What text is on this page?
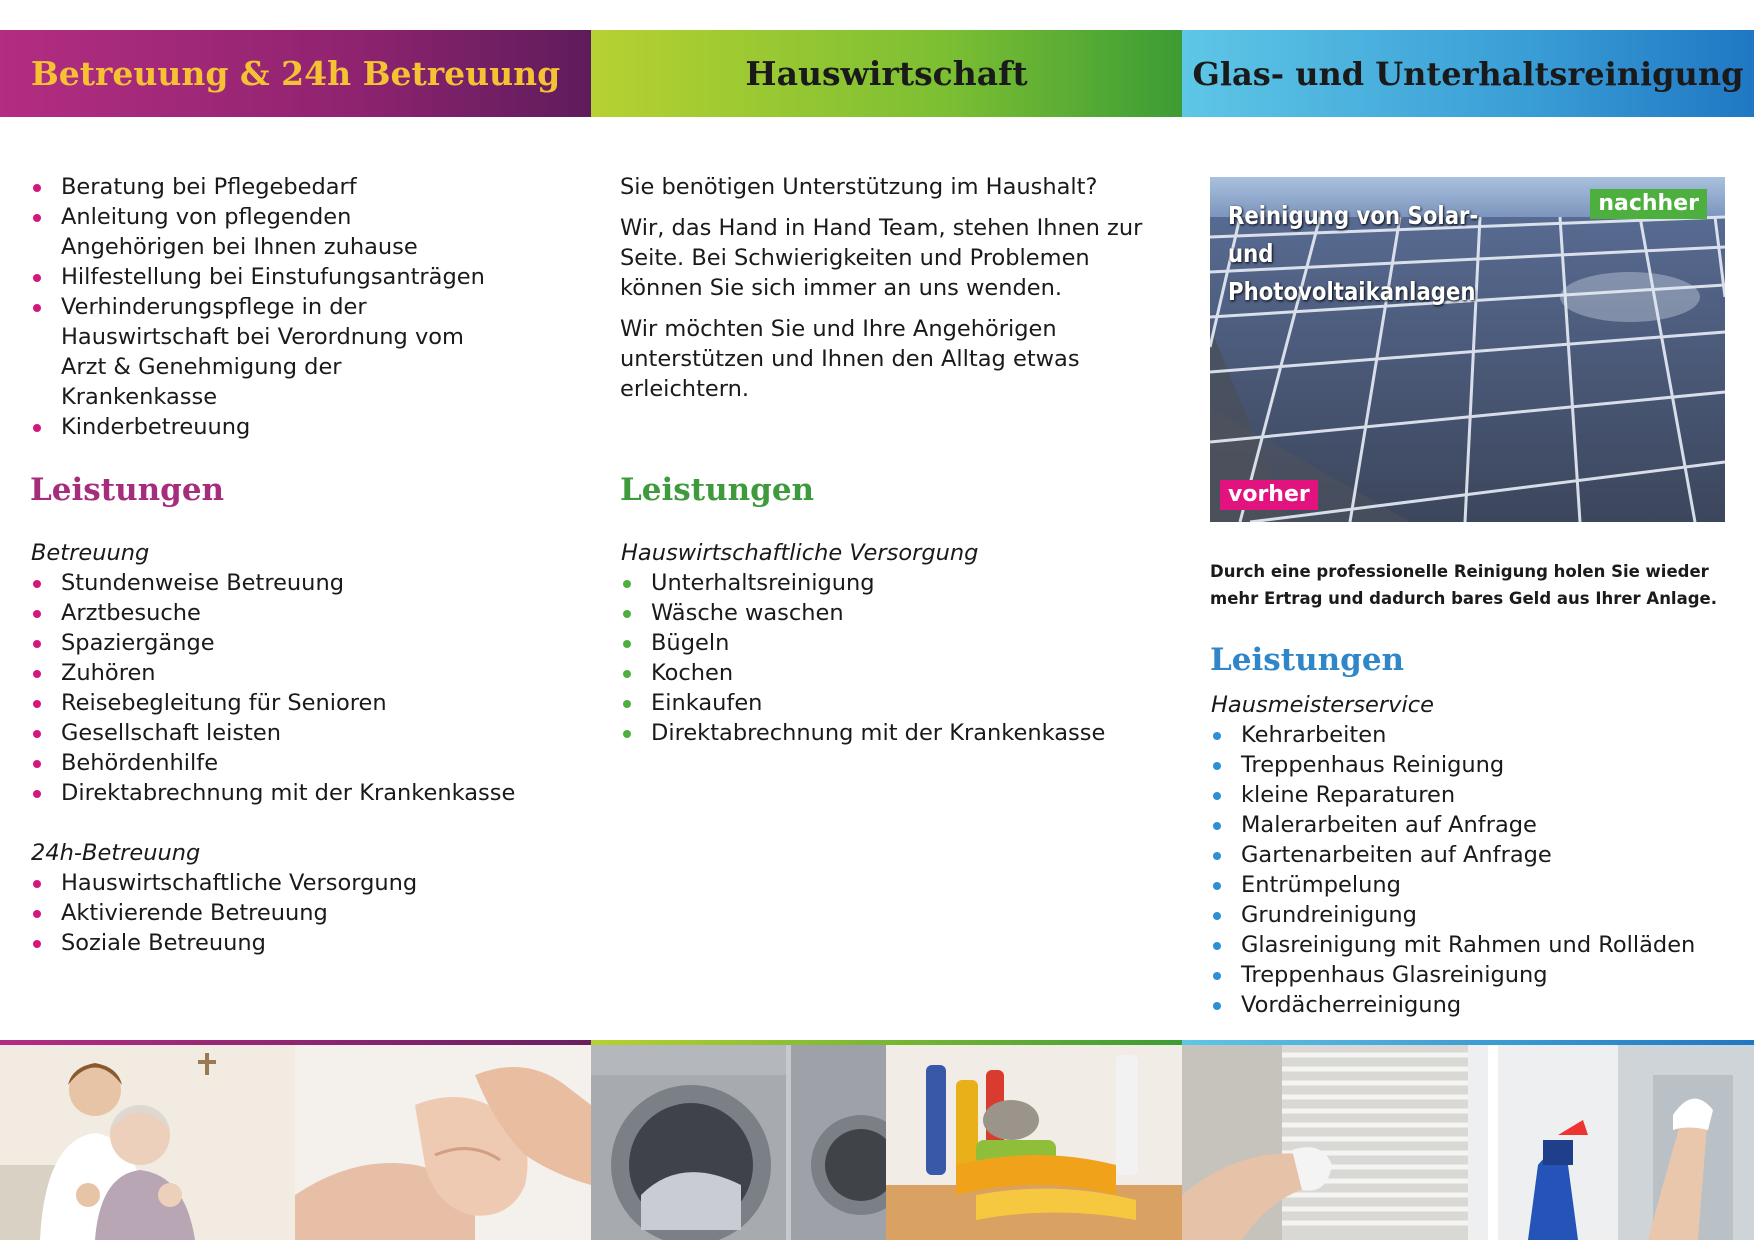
Betreuung & 24h Betreuung	Hauswirtschaft	Glas- und Unterhaltsreinigung
Beratung bei Pflegebedarf
Anleitung von pflegenden Angehörigen bei Ihnen zuhause
Hilfestellung bei Einstufungsanträgen
Verhinderungspflege in der Hauswirtschaft bei Verordnung vom Arzt & Genehmigung der Krankenkasse
Kinderbetreuung
Leistungen
Betreuung
Stundenweise Betreuung
Arztbesuche
Spaziergänge
Zuhören
Reisebegleitung für Senioren
Gesellschaft leisten
Behördenhilfe
Direktabrechnung mit der Krankenkasse
24h-Betreuung
Hauswirtschaftliche Versorgung
Aktivierende Betreuung
Soziale Betreuung

Sie benötigen Unterstützung im Haushalt?

Wir, das Hand in Hand Team, stehen Ihnen zur Seite. Bei Schwierigkeiten und Problemen können Sie sich immer an uns wenden.

Wir möchten Sie und Ihre Angehörigen unterstützen und Ihnen den Alltag etwas erleichtern.

Leistungen
Hauswirtschaftliche Versorgung
Unterhaltsreinigung
Wäsche waschen
Bügeln
Kochen
Einkaufen
Direktabrechnung mit der Krankenkasse
Reinigung von Solar- und Photovoltaikanlagen
nachher
vorher
Durch eine professionelle Reinigung holen Sie wieder mehr Ertrag und dadurch bares Geld aus Ihrer Anlage.
Leistungen
Hausmeisterservice
Kehrarbeiten
Treppenhaus Reinigung
kleine Reparaturen
Malerarbeiten auf Anfrage
Gartenarbeiten auf Anfrage
Entrümpelung
Grundreinigung
Glasreinigung mit Rahmen und Rolläden
Treppenhaus Glasreinigung
Vordächerreinigung
